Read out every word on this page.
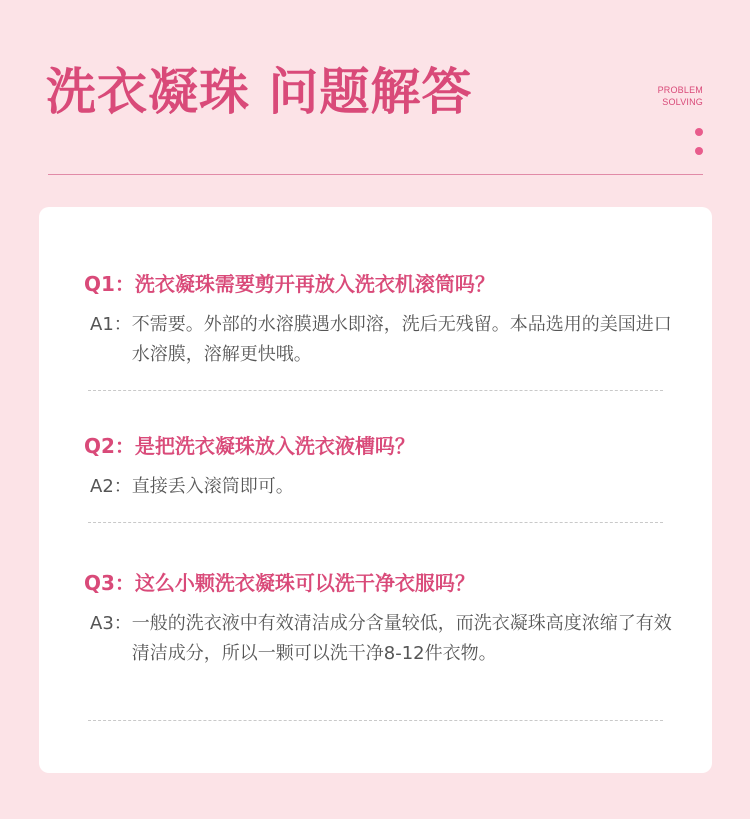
洗衣凝珠 问题解答	PROBLEM
SOLVING
Q1：洗衣凝珠需要剪开再放入洗衣机滚筒吗？
A1： 不需要。外部的水溶膜遇水即溶，洗后无残留。本品选用的美国进口水溶膜，溶解更快哦。
Q2：是把洗衣凝珠放入洗衣液槽吗？
A2： 直接丢入滚筒即可。
Q3：这么小颗洗衣凝珠可以洗干净衣服吗？
A3： 一般的洗衣液中有效清洁成分含量较低，而洗衣凝珠高度浓缩了有效清洁成分，所以一颗可以洗干净8-12件衣物。
